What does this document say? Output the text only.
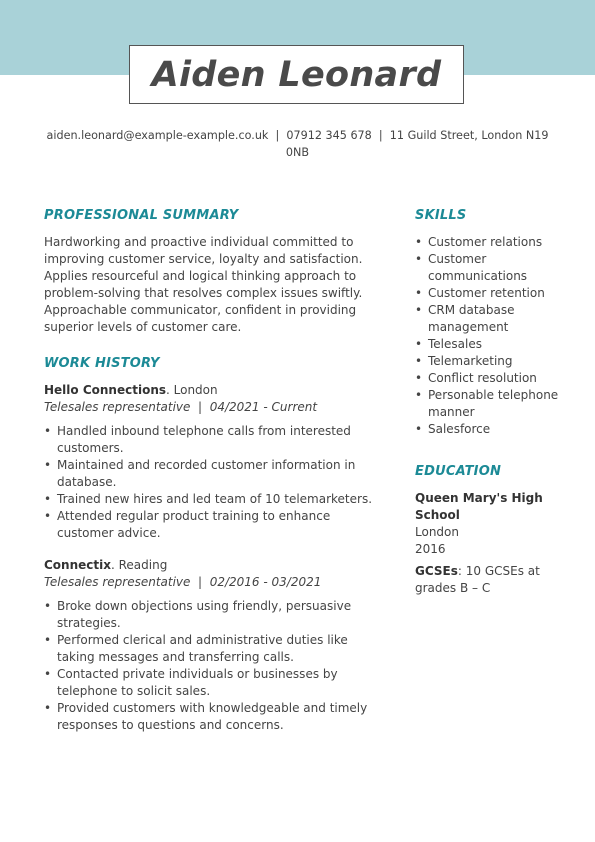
Aiden Leonard
aiden.leonard@example-example.co.uk  |  07912 345 678  |  11 Guild Street, London N19
0NB
PROFESSIONAL SUMMARY

Hardworking and proactive individual committed to improving customer service, loyalty and satisfaction. Applies resourceful and logical thinking approach to problem-solving that resolves complex issues swiftly. Approachable communicator, confident in providing superior levels of customer care.

WORK HISTORY
Hello Connections. London
Telesales representative  |  04/2021 - Current
• Handled inbound telephone calls from interested customers.
• Maintained and recorded customer information in database.
• Trained new hires and led team of 10 telemarketers.
• Attended regular product training to enhance customer advice.
Connectix. Reading
Telesales representative  |  02/2016 - 03/2021
• Broke down objections using friendly, persuasive strategies.
• Performed clerical and administrative duties like taking messages and transferring calls.
• Contacted private individuals or businesses by telephone to solicit sales.
• Provided customers with knowledgeable and timely responses to questions and concerns.
SKILLS
• Customer relations
• Customer communications
• Customer retention
• CRM database management
• Telesales
• Telemarketing
• Conflict resolution
• Personable telephone manner
• Salesforce
EDUCATION
Queen Mary's High School
London
2016
GCSEs: 10 GCSEs at grades B – C
